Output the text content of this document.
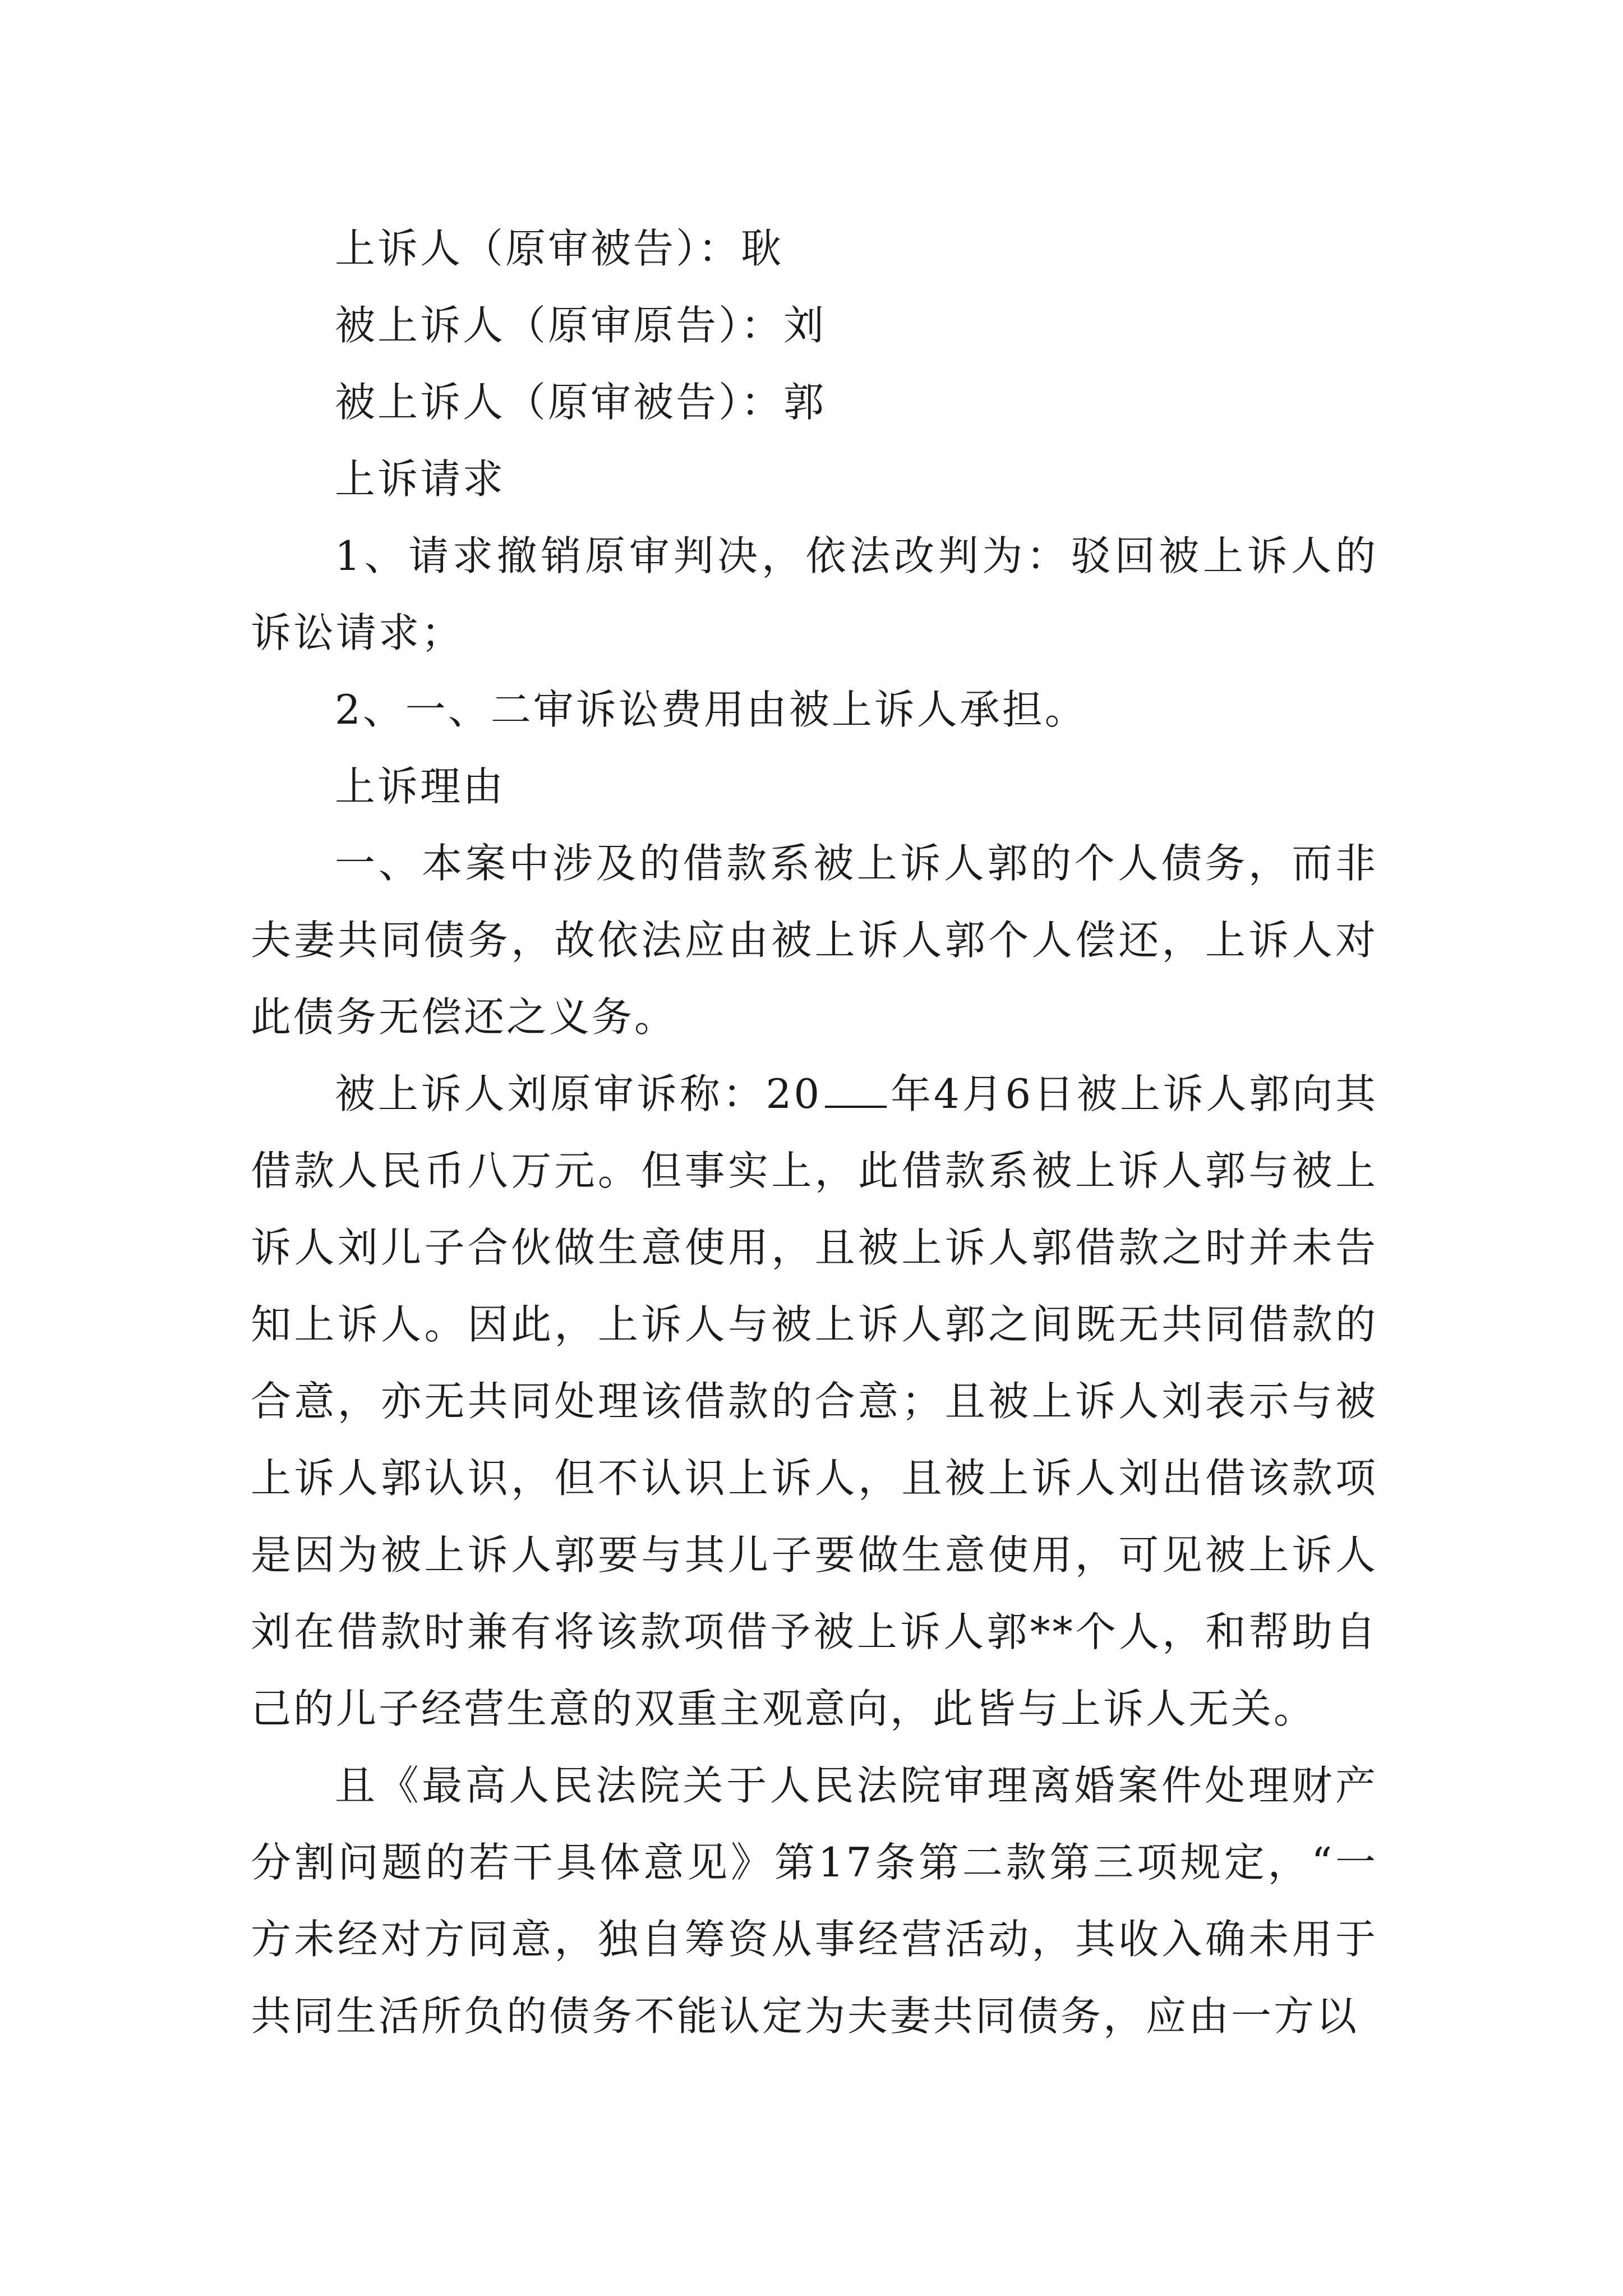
上诉人（原审被告）：耿

被上诉人（原审原告）：刘

被上诉人（原审被告）：郭

上诉请求

1、请求撤销原审判决，依法改判为：驳回被上诉人的诉讼请求；

2、一、二审诉讼费用由被上诉人承担。

上诉理由

一、本案中涉及的借款系被上诉人郭的个人债务，而非夫妻共同债务，故依法应由被上诉人郭个人偿还，上诉人对此债务无偿还之义务。

被上诉人刘原审诉称：20 年4月6日被上诉人郭向其借款人民币八万元。但事实上，此借款系被上诉人郭与被上诉人刘儿子合伙做生意使用，且被上诉人郭借款之时并未告知上诉人。因此，上诉人与被上诉人郭之间既无共同借款的合意，亦无共同处理该借款的合意；且被上诉人刘表示与被上诉人郭认识，但不认识上诉人，且被上诉人刘出借该款项是因为被上诉人郭要与其儿子要做生意使用，可见被上诉人刘在借款时兼有将该款项借予被上诉人郭**个人，和帮助自己的儿子经营生意的双重主观意向，此皆与上诉人无关。

且《最高人民法院关于人民法院审理离婚案件处理财产分割问题的若干具体意见》第17条第二款第三项规定，“一方未经对方同意，独自筹资从事经营活动，其收入确未用于共同生活所负的债务不能认定为夫妻共同债务，应由一方以
